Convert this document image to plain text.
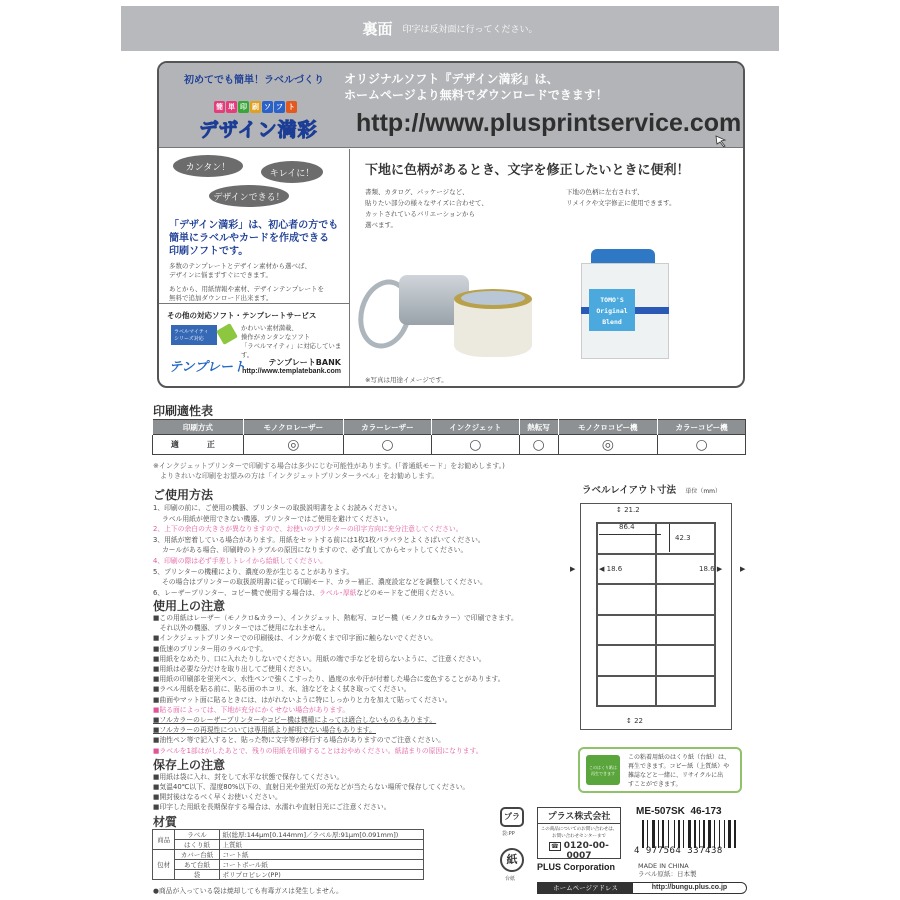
裏面 印字は反対面に行ってください。
初めてでも簡単！ラベルづくり
簡 単 印 刷 ソ フ ト
デザイン満彩
オリジナルソフト『デザイン満彩』は、
ホームページより無料でダウンロードできます！
http://www.plusprintservice.com
カンタン！
キレイに！
デザインできる！
「デザイン満彩」は、初心者の方でも
簡単にラベルやカードを作成できる
印刷ソフトです。
多数のテンプレートとデザイン素材から選べば、
デザインに悩まずすぐにできます。
あとから、用紙情報や素材、デザインテンプレートを
無料で追加ダウンロード出来ます。
その他の対応ソフト・テンプレートサービス
ラベルマイティ
シリーズ対応
かわいい素材満載、
操作がカンタンなソフト
「ラベルマイティ」に対応しています。
テンプレート	テンプレートBANK
http://www.templatebank.com
下地に色柄があるとき、文字を修正したいときに便利！
書類、カタログ、パッケージなど、
貼りたい部分の様々なサイズに合わせて、
カットされているバリエーションから
選べます。
下地の色柄に左右されず、
リメイクや文字修正に使用できます。
TOMO'S
Original
Blend
※写真は用途イメージです。
印刷適性表
印刷方式	モノクロレーザー	カラーレーザー	インクジェット	熱転写	モノクロコピー機	カラーコピー機
適　正	◎	○	○	○	◎	○
※インクジェットプリンターで印刷する場合は多少にじむ可能性があります。(「普通紙モード」をお勧めします。)
　よりきれいな印刷をお望みの方は「インクジェットプリンターラベル」をお勧めします。
ご使用方法
1、印刷の前に、ご使用の機器、プリンターの取扱説明書をよくお読みください。
　 ラベル用紙が使用できない機器、プリンターではご使用を避けてください。
2、上下の余白の大きさが異なりますので、お使いのプリンターの印字方向に充分注意してください。
3、用紙が密着している場合があります。用紙をセットする前には1枚1枚パラパラとよくさばいてください。
　 カールがある場合、印刷時のトラブルの原因になりますので、必ず直してからセットしてください。
4、印刷の際は必ず手差しトレイから給紙してください。
5、プリンターの機種により、濃度の差が生じることがあります。
　 その場合はプリンターの取扱説明書に従って印刷モード、カラー補正、濃度設定などを調整してください。
6、レーザープリンター、コピー機で使用する場合は、ラベル･厚紙などのモードをご使用ください。
使用上の注意
■この用紙はレーザー（モノクロ&カラー）、インクジェット、熱転写、コピー機（モノクロ&カラー）で印刷できます。
　それ以外の機器、プリンターではご使用になれません。
■インクジェットプリンターでの印刷後は、インクが乾くまで印字面に触らないでください。
■低速のプリンター用のラベルです。
■用紙をなめたり、口に入れたりしないでください。用紙の端で手などを切らないように、ご注意ください。
■用紙は必要な分だけを取り出してご使用ください。
■用紙の印刷部を蛍光ペン、水性ペンで強くこすったり、過度の水や汗が付着した場合に変色することがあります。
■ラベル用紙を貼る前に、貼る面のホコリ、水、油などをよく拭き取ってください。
■曲面やマット面に貼るときには、はがれないように特にしっかりと力を加えて貼ってください。
■貼る面によっては、下地が充分にかくせない場合があります。
■フルカラーのレーザープリンターやコピー機は機種によっては適合しないものもあります。
■フルカラーの再現性については専用紙より鮮明でない場合もあります。
■油性ペン等で記入すると、貼った物に文字等が移行する場合がありますのでご注意ください。
■ラベルを1部はがしたあとで、残りの用紙を印刷することはおやめください。紙詰まりの原因になります。
保存上の注意
■用紙は袋に入れ、封をして水平な状態で保存してください。
■気温40℃以下、湿度80%以下の、直射日光や蛍光灯の光などが当たらない場所で保存してください。
■開封後はなるべく早くお使いください。
■印字した用紙を長期保存する場合は、水濡れや直射日光にご注意ください。
材質
商品	ラベル	紙(総厚:144μm[0.144mm]／ラベル厚:91μm[0.091mm])
	はくり紙	上質紙
包材	カバー台紙	コート紙
	あて台紙	コートボール紙
	袋	ポリプロピレン(PP)
●商品が入っている袋は焼却しても有毒ガスは発生しません。
ラベルレイアウト寸法 単位（mm）
▶	▶
↕ 21.2
86.4
42.3
◀ 18.6	18.6 ▶
↕ 22
このはくり紙は再生できます
この粘着用紙のはくり紙（台紙）は、
再生できます。コピー紙（上質紙）や
雑誌などと一緒に、リサイクルに出
すことができます。
プラ
袋:PP
紙
台紙
プラス株式会社
この商品についてのお問い合わせは、
お問い合わせセンターまで
☎ 0120-00-0007
PLUS Corporation
ME-507SK  46-173
4 977564 337438
MADE IN CHINA
ラベル原紙：日本製
ホームページアドレス	http://bungu.plus.co.jp
